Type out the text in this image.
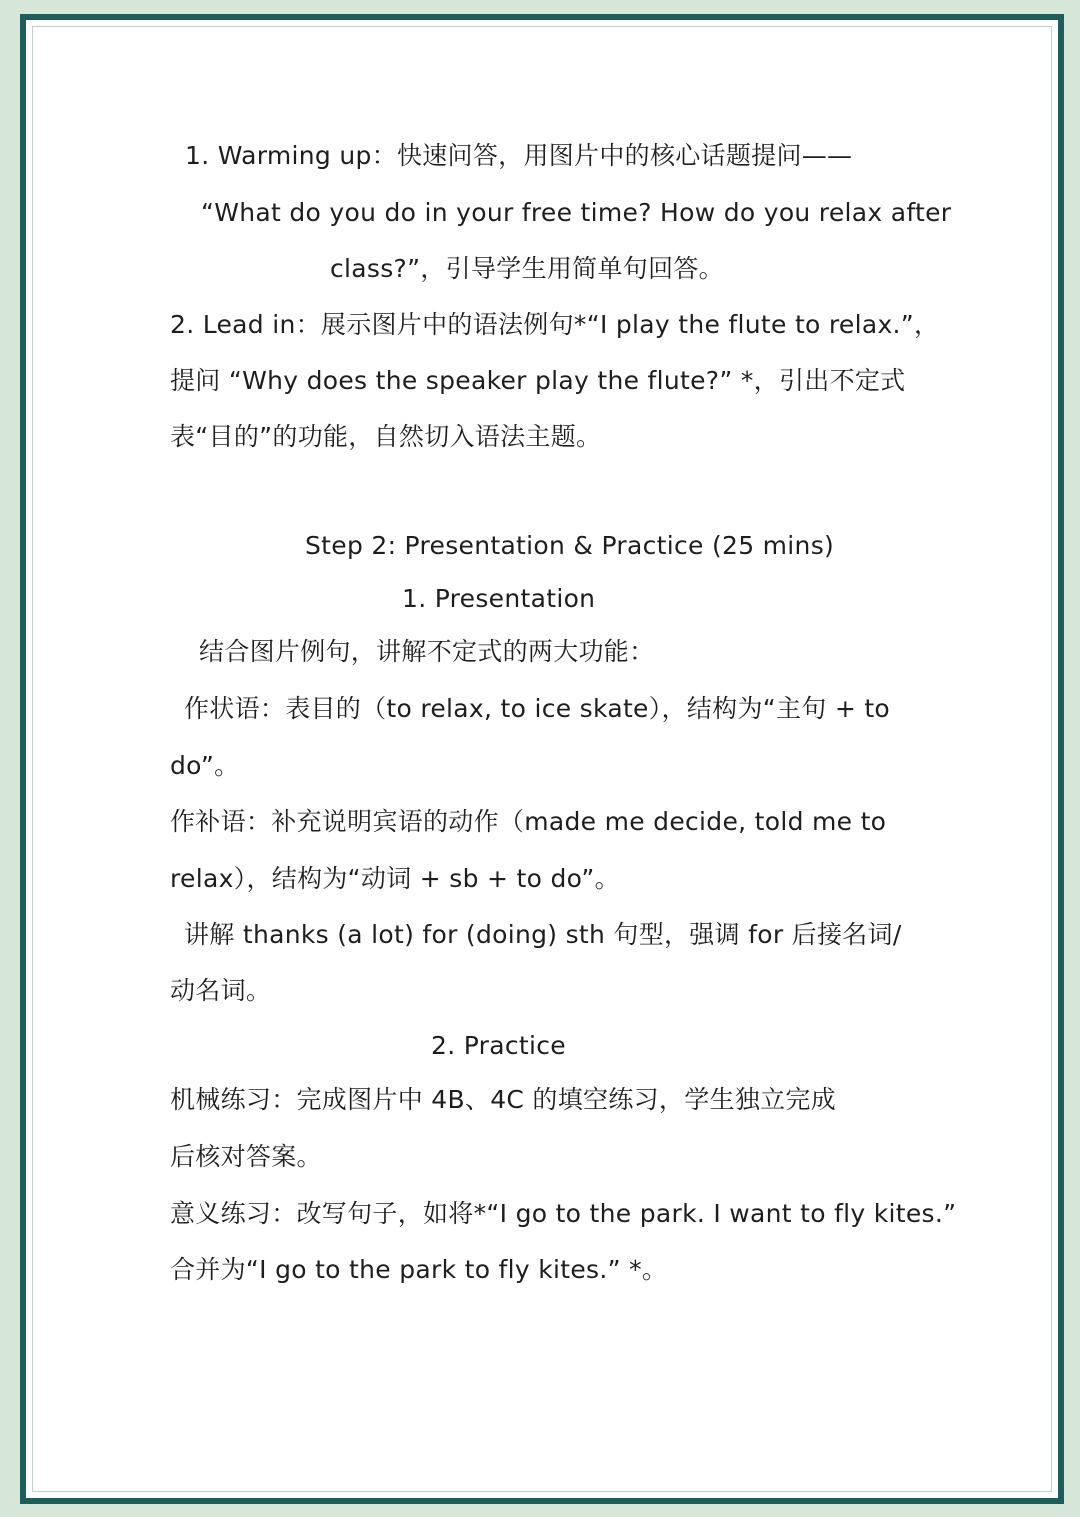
1. Warming up：快速问答，用图片中的核心话题提问——
“What do you do in your free time? How do you relax after
class?”，引导学生用简单句回答。
2. Lead in：展示图片中的语法例句*“I play the flute to relax.”，
提问 “Why does the speaker play the flute?” *，引出不定式
表“目的”的功能，自然切入语法主题。
Step 2: Presentation & Practice (25 mins)
1. Presentation
结合图片例句，讲解不定式的两大功能：
作状语：表目的（to relax, to ice skate），结构为“主句 + to
do”。
作补语：补充说明宾语的动作（made me decide, told me to
relax），结构为“动词 + sb + to do”。
讲解 thanks (a lot) for (doing) sth 句型，强调 for 后接名词/
动名词。
2. Practice
机械练习：完成图片中 4B、4C 的填空练习，学生独立完成
后核对答案。
意义练习：改写句子，如将*“I go to the park. I want to fly kites.”
合并为“I go to the park to fly kites.” *。
